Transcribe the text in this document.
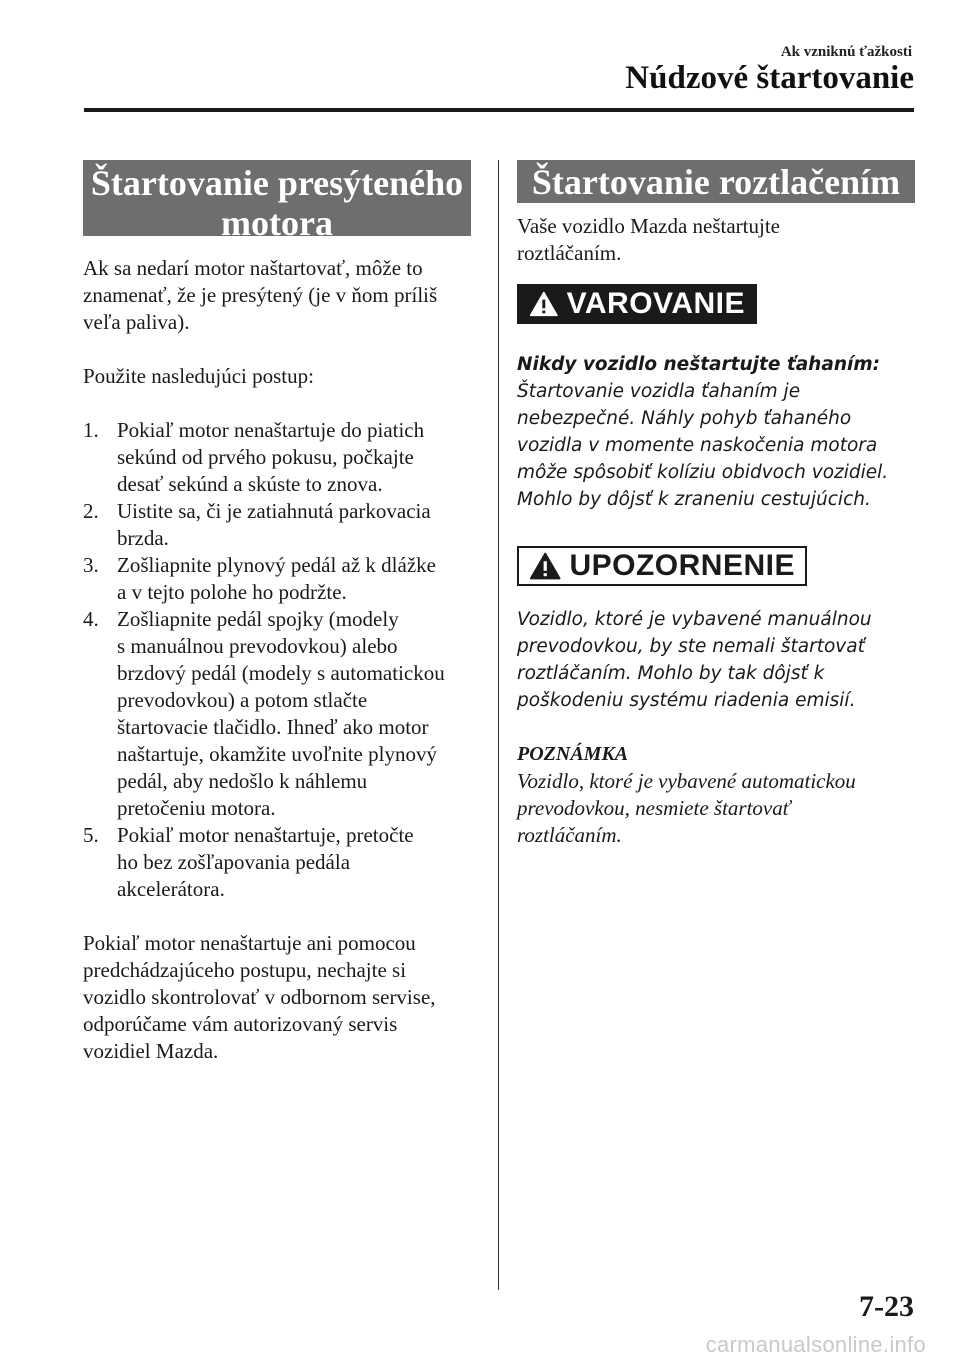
Ak vzniknú ťažkosti
Núdzové štartovanie
Štartovanie presýteného
motora

Ak sa nedarí motor naštartovať, môže to
znamenať, že je presýtený (je v ňom príliš
veľa paliva).

Použite nasledujúci postup:

1. Pokiaľ motor nenaštartuje do piatich
sekúnd od prvého pokusu, počkajte
desať sekúnd a skúste to znova.
2. Uistite sa, či je zatiahnutá parkovacia
brzda.
3. Zošliapnite plynový pedál až k dlážke
a v tejto polohe ho podržte.
4. Zošliapnite pedál spojky (modely
s manuálnou prevodovkou) alebo
brzdový pedál (modely s automatickou
prevodovkou) a potom stlačte
štartovacie tlačidlo. Ihneď ako motor
naštartuje, okamžite uvoľnite plynový
pedál, aby nedošlo k náhlemu
pretočeniu motora.
5. Pokiaľ motor nenaštartuje, pretočte
ho bez zošľapovania pedála
akcelerátora.

Pokiaľ motor nenaštartuje ani pomocou
predchádzajúceho postupu, nechajte si
vozidlo skontrolovať v odbornom servise,
odporúčame vám autorizovaný servis
vozidiel Mazda.

Štartovanie roztlačením

Vaše vozidlo Mazda neštartujte
roztláčaním.

VAROVANIE

Nikdy vozidlo neštartujte ťahaním:

Štartovanie vozidla ťahaním je
nebezpečné. Náhly pohyb ťahaného
vozidla v momente naskočenia motora
môže spôsobiť kolíziu obidvoch vozidiel.
Mohlo by dôjsť k zraneniu cestujúcich.

UPOZORNENIE

Vozidlo, ktoré je vybavené manuálnou
prevodovkou, by ste nemali štartovať
roztláčaním. Mohlo by tak dôjsť k
poškodeniu systému riadenia emisií.

POZNÁMKA

Vozidlo, ktoré je vybavené automatickou
prevodovkou, nesmiete štartovať
roztláčaním.

7-23
carmanualsonline.info
